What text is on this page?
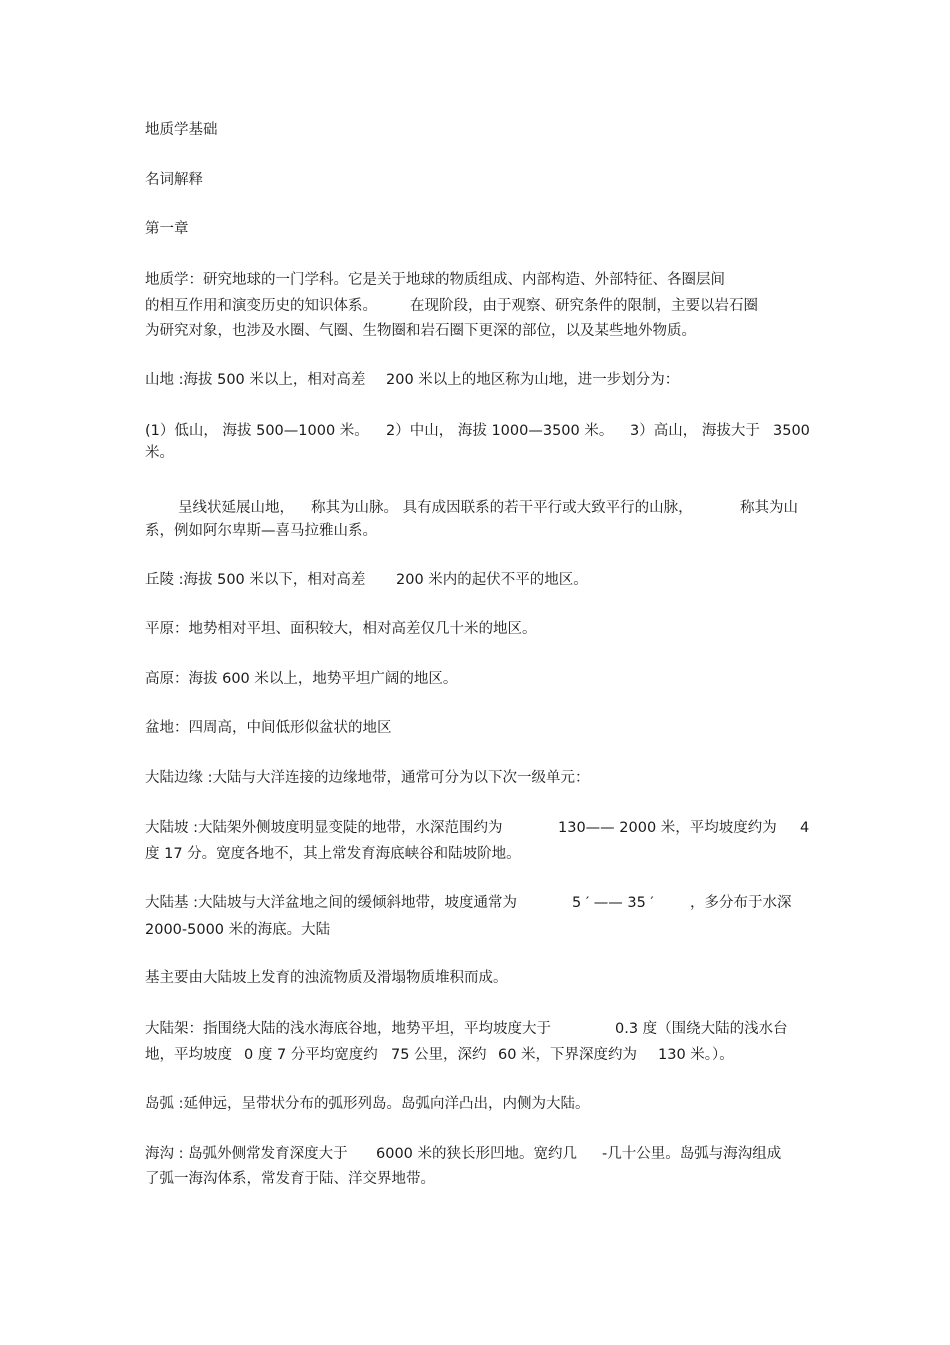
地质学基础
名词解释
第一章
地质学：研究地球的一门学科。它是关于地球的物质组成、内部构造、外部特征、各圈层间
的相互作用和演变历史的知识体系。 在现阶段，由于观察、研究条件的限制，主要以岩石圈
为研究对象，也涉及水圈、气圈、生物圈和岩石圈下更深的部位，以及某些地外物质。
山地 :海拔 500 米以上，相对高差 200 米以上的地区称为山地，进一步划分为：
(1）低山， 海拔 500—1000 米。 2）中山， 海拔 1000—3500 米。 3）高山， 海拔大于 3500
米。
呈线状延展山地， 称其为山脉。 具有成因联系的若干平行或大致平行的山脉，	称其为山
系，例如阿尔卑斯—喜马拉雅山系。
丘陵 :海拔 500 米以下，相对高差 200 米内的起伏不平的地区。
平原：地势相对平坦、面积较大，相对高差仅几十米的地区。
高原：海拔 600 米以上，地势平坦广阔的地区。
盆地：四周高，中间低形似盆状的地区
大陆边缘 :大陆与大洋连接的边缘地带，通常可分为以下次一级单元：
大陆坡 :大陆架外侧坡度明显变陡的地带，水深范围约为	130—— 2000 米，平均坡度约为 4
度 17 分。宽度各地不，其上常发育海底峡谷和陆坡阶地。
大陆基 :大陆坡与大洋盆地之间的缓倾斜地带，坡度通常为	5 ′ —— 35 ′	，多分布于水深
2000-5000 米的海底。大陆
基主要由大陆坡上发育的浊流物质及滑塌物质堆积而成。
大陆架：指围绕大陆的浅水海底谷地，地势平坦，平均坡度大于	0.3 度（围绕大陆的浅水台
地，平均坡度 0 度 7 分平均宽度约 75 公里，深约 60 米，下界深度约为 130 米。）。
岛弧 :延伸远，呈带状分布的弧形列岛。岛弧向洋凸出，内侧为大陆。
海沟 : 岛弧外侧常发育深度大于 6000 米的狭长形凹地。宽约几 -几十公里。岛弧与海沟组成
了弧一海沟体系，常发育于陆、洋交界地带。
